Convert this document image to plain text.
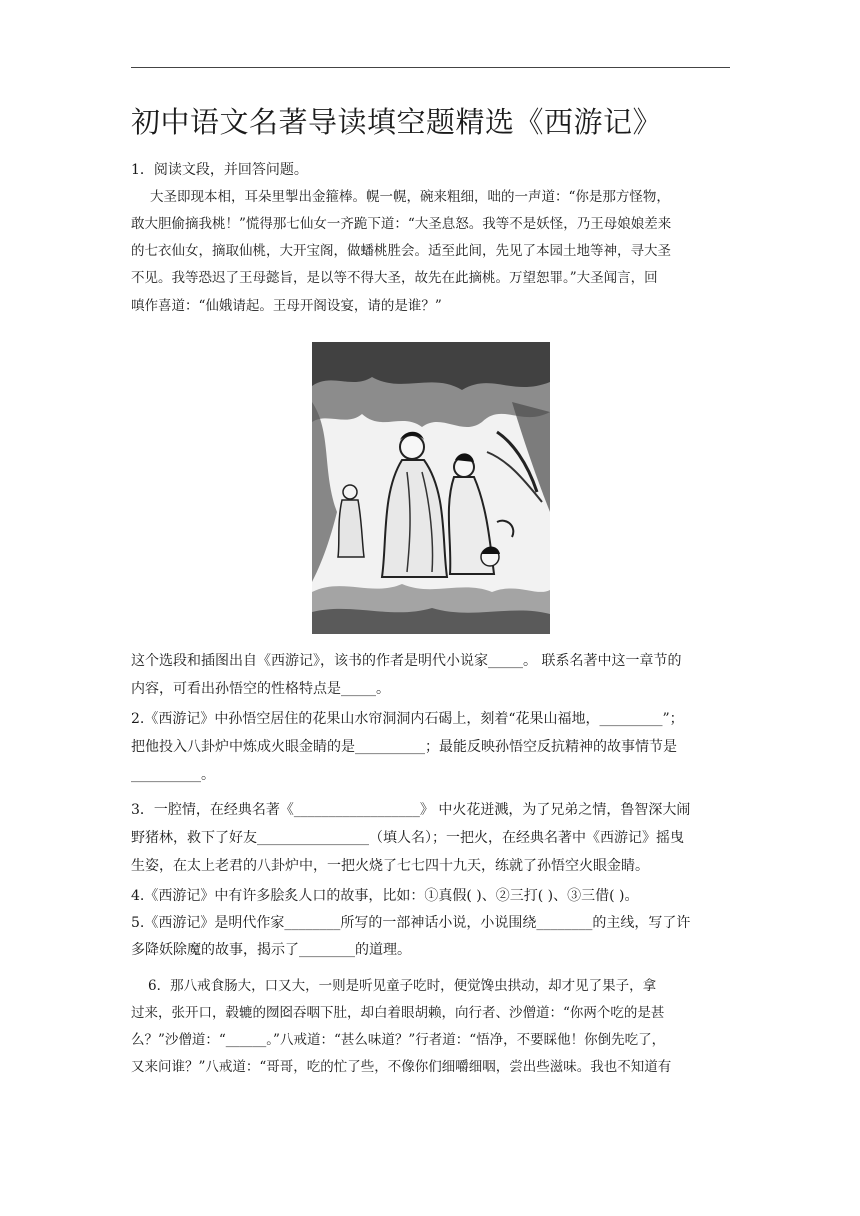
初中语文名著导读填空题精选《西游记》
1．阅读文段，并回答问题。
大圣即现本相，耳朵里掣出金箍棒。幌一幌，碗来粗细，咄的一声道：“你是那方怪物，
敢大胆偷摘我桃！”慌得那七仙女一齐跪下道：“大圣息怒。我等不是妖怪，乃王母娘娘差来
的七衣仙女，摘取仙桃，大开宝阁，做蟠桃胜会。适至此间，先见了本园土地等神，寻大圣
不见。我等恐迟了王母懿旨，是以等不得大圣，故先在此摘桃。万望恕罪。”大圣闻言，回
嗔作喜道：“仙娥请起。王母开阁设宴，请的是谁？”
这个选段和插图出自《西游记》，该书的作者是明代小说家_____。 联系名著中这一章节的
内容，可看出孙悟空的性格特点是_____。
2.《西游记》中孙悟空居住的花果山水帘洞洞内石碣上，刻着“花果山福地，_________”；
把他投入八卦炉中炼成火眼金睛的是__________；最能反映孙悟空反抗精神的故事情节是
__________。
3．一腔情，在经典名著《__________________》 中火花迸溅，为了兄弟之情，鲁智深大闹
野猪林，救下了好友________________（填人名）；一把火，在经典名著中《西游记》摇曳
生姿，在太上老君的八卦炉中，一把火烧了七七四十九天，练就了孙悟空火眼金睛。
4.《西游记》中有许多脍炙人口的故事，比如：①真假( )、②三打( )、③三借( )。
5.《西游记》是明代作家________所写的一部神话小说，小说围绕________的主线，写了许
多降妖除魔的故事，揭示了________的道理。
6．那八戒食肠大，口又大，一则是听见童子吃时，便觉馋虫拱动，却才见了果子，拿
过来，张开口，毂辘的囫囵吞咽下肚，却白着眼胡赖，向行者、沙僧道：“你两个吃的是甚
么？”沙僧道：“______。”八戒道：“甚么味道？”行者道：“悟净，不要睬他！你倒先吃了，
又来问谁？”八戒道：“哥哥，吃的忙了些，不像你们细嚼细咽，尝出些滋味。我也不知道有
